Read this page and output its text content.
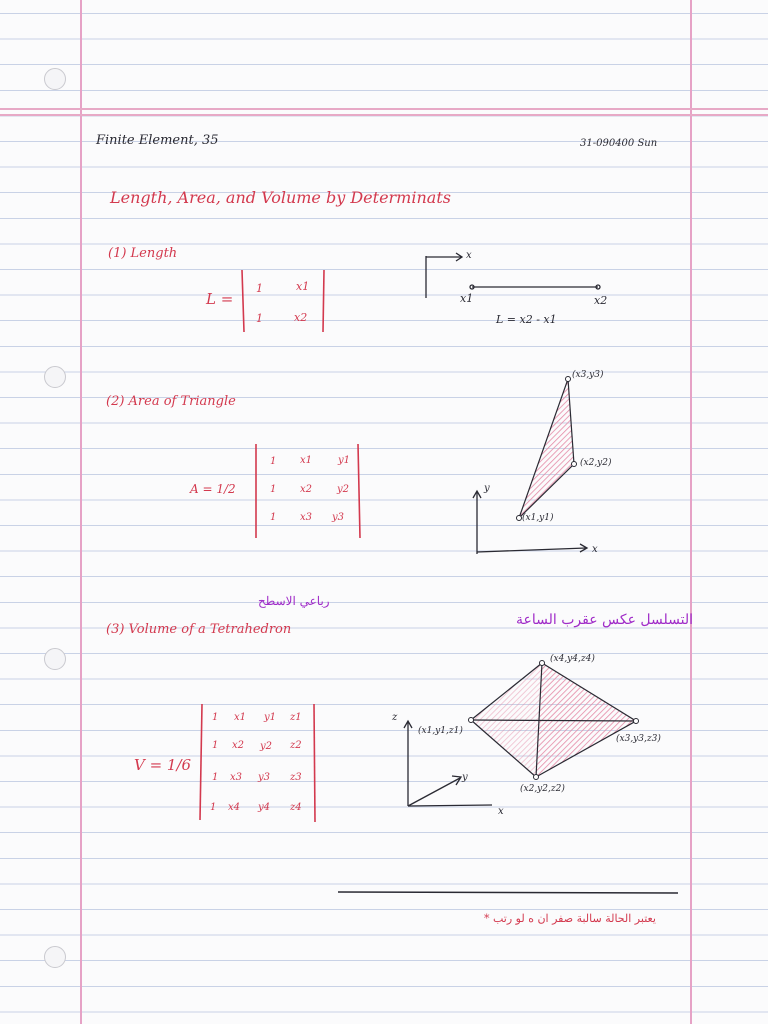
Finite Element, 35	31-090400 Sun
Length, Area, and Volume by Determinats
(1) Length
L =
1	x1
1	x2
x
x1	x2
L = x2 - x1
(2) Area of Triangle
A = 1/2
1 x1	y1
1 x2 y2
1 x3 y3
y
x
(x3,y3)
(x2,y2)
(x1,y1)
رباعي الاسطح
(3) Volume of a Tetrahedron
التسلسل عكس عقرب الساعة
V = 1/6
1 x1 y1 z1
1 x2 y2 z2
1 x3 y3 z3
1 x4 y4 z4
z
y
x
(x4,y4,z4)
(x1,y1,z1)
(x3,y3,z3)
(x2,y2,z2)
* يعتبر الحالة سالبة صفر ان ه لو رتب
